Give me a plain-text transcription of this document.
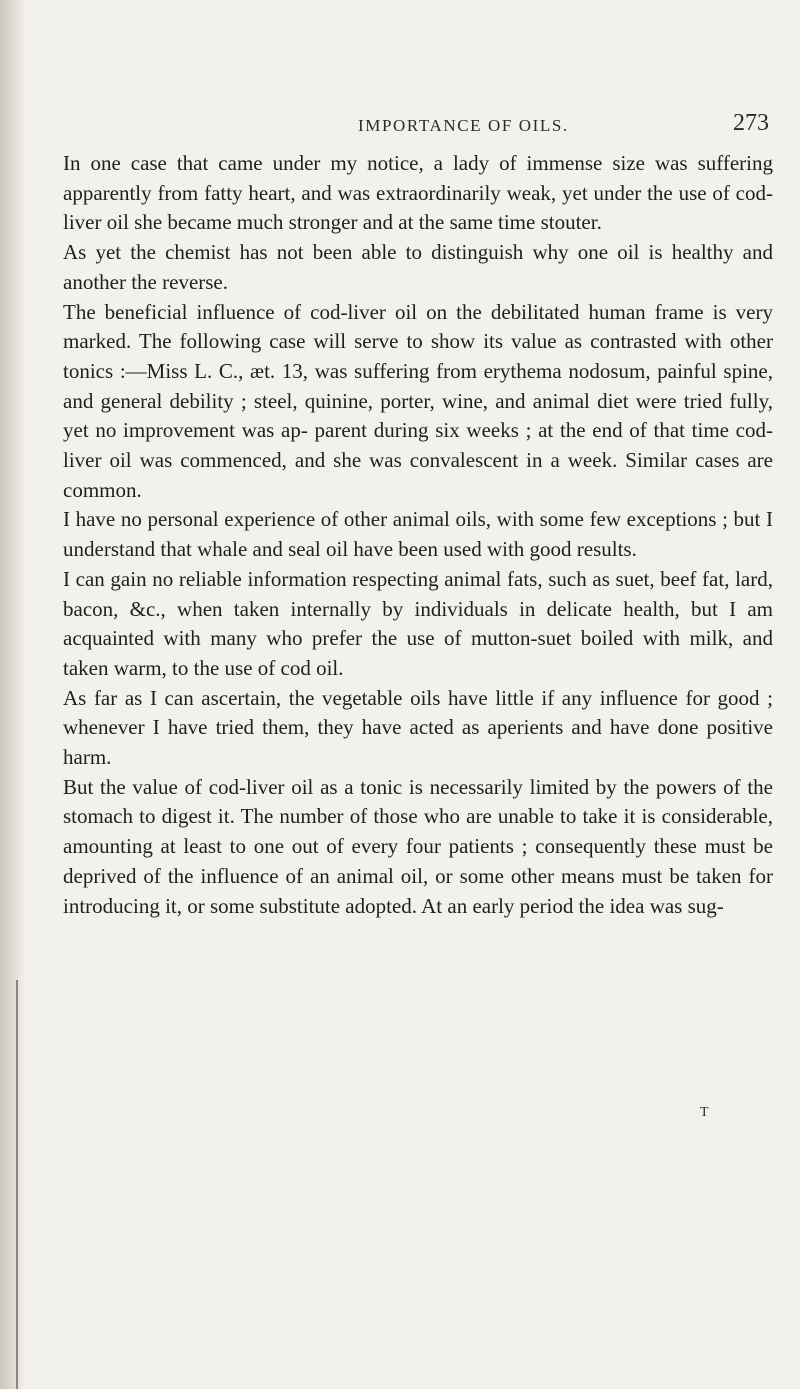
IMPORTANCE OF OILS.	273

In one case that came under my notice, a lady of immense size was suffering apparently from fatty heart, and was extraordinarily weak, yet under the use of cod-liver oil she became much stronger and at the same time stouter.

As yet the chemist has not been able to distinguish why one oil is healthy and another the reverse.

The beneficial influence of cod-liver oil on the debilitated human frame is very marked. The following case will serve to show its value as contrasted with other tonics :—Miss L. C., æt. 13, was suffering from erythema nodosum, painful spine, and general debility ; steel, quinine, porter, wine, and animal diet were tried fully, yet no improvement was ap- parent during six weeks ; at the end of that time cod-liver oil was commenced, and she was convalescent in a week. Similar cases are common.

I have no personal experience of other animal oils, with some few exceptions ; but I understand that whale and seal oil have been used with good results.

I can gain no reliable information respecting animal fats, such as suet, beef fat, lard, bacon, &c., when taken internally by individuals in delicate health, but I am acquainted with many who prefer the use of mutton-suet boiled with milk, and taken warm, to the use of cod oil.

As far as I can ascertain, the vegetable oils have little if any influence for good ; whenever I have tried them, they have acted as aperients and have done positive harm.

But the value of cod-liver oil as a tonic is necessarily limited by the powers of the stomach to digest it. The number of those who are unable to take it is considerable, amounting at least to one out of every four patients ; consequently these must be deprived of the influence of an animal oil, or some other means must be taken for introducing it, or some substitute adopted. At an early period the idea was sug-

T
